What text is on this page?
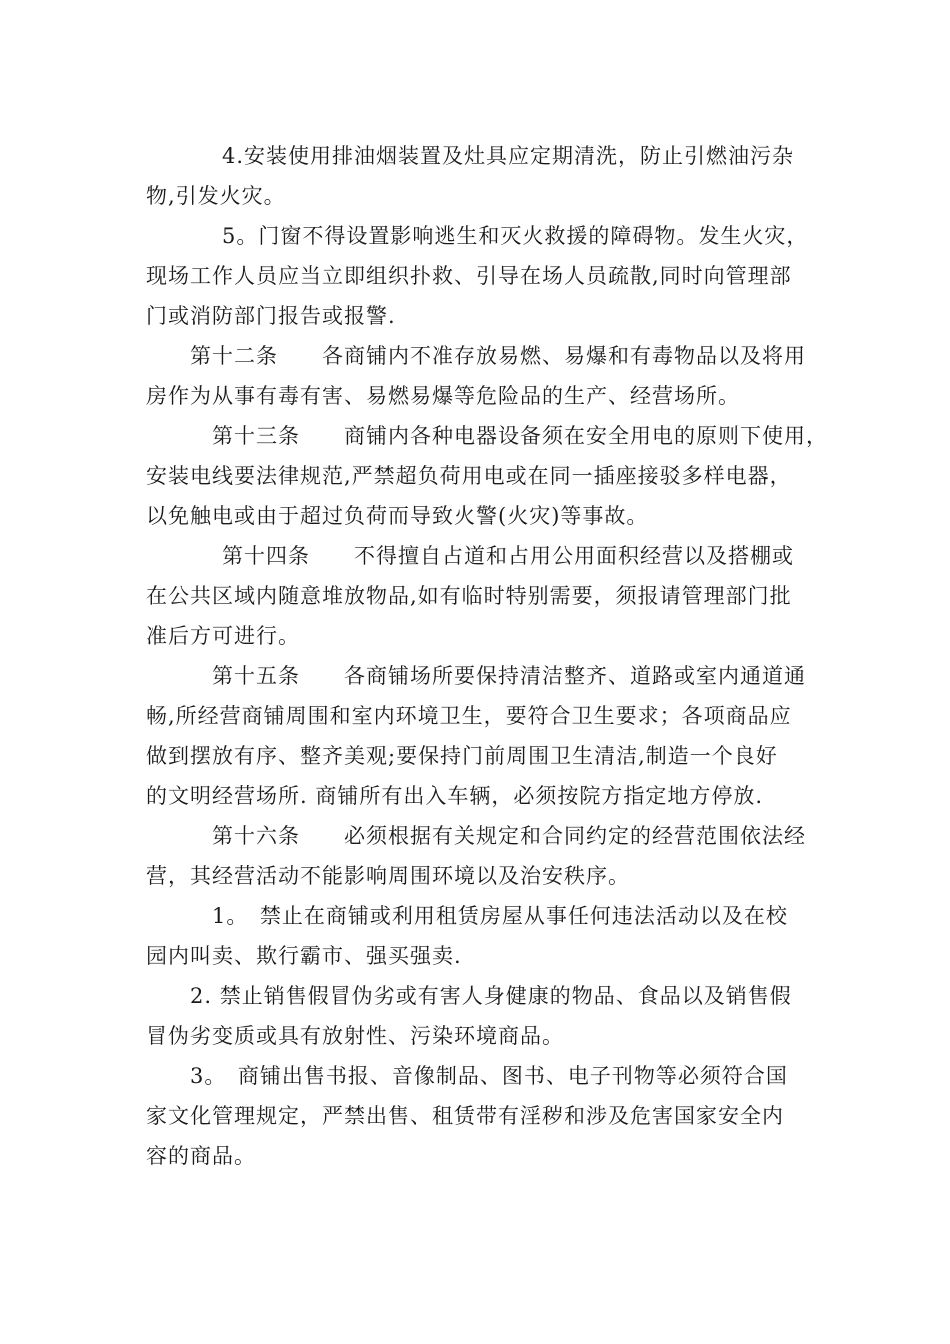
4.安装使用排油烟装置及灶具应定期清洗，防止引燃油污杂
物,引发火灾。
5。门窗不得设置影响逃生和灭火救援的障碍物。发生火灾，
现场工作人员应当立即组织扑救、引导在场人员疏散,同时向管理部
门或消防部门报告或报警.
第十二条　　各商铺内不准存放易燃、易爆和有毒物品以及将用
房作为从事有毒有害、易燃易爆等危险品的生产、经营场所。
第十三条　　商铺内各种电器设备须在安全用电的原则下使用，
安装电线要法律规范,严禁超负荷用电或在同一插座接驳多样电器，
以免触电或由于超过负荷而导致火警(火灾)等事故。
第十四条　　不得擅自占道和占用公用面积经营以及搭棚或
在公共区域内随意堆放物品,如有临时特别需要，须报请管理部门批
准后方可进行。
第十五条　　各商铺场所要保持清洁整齐、道路或室内通道通
畅,所经营商铺周围和室内环境卫生，要符合卫生要求；各项商品应
做到摆放有序、整齐美观;要保持门前周围卫生清洁,制造一个良好
的文明经营场所. 商铺所有出入车辆，必须按院方指定地方停放.
第十六条　　必须根据有关规定和合同约定的经营范围依法经
营，其经营活动不能影响周围环境以及治安秩序。
1。　禁止在商铺或利用租赁房屋从事任何违法活动以及在校
园内叫卖、欺行霸市、强买强卖.
2. 禁止销售假冒伪劣或有害人身健康的物品、食品以及销售假
冒伪劣变质或具有放射性、污染环境商品。
3。　商铺出售书报、音像制品、图书、电子刊物等必须符合国
家文化管理规定，严禁出售、租赁带有淫秽和涉及危害国家安全内
容的商品。
